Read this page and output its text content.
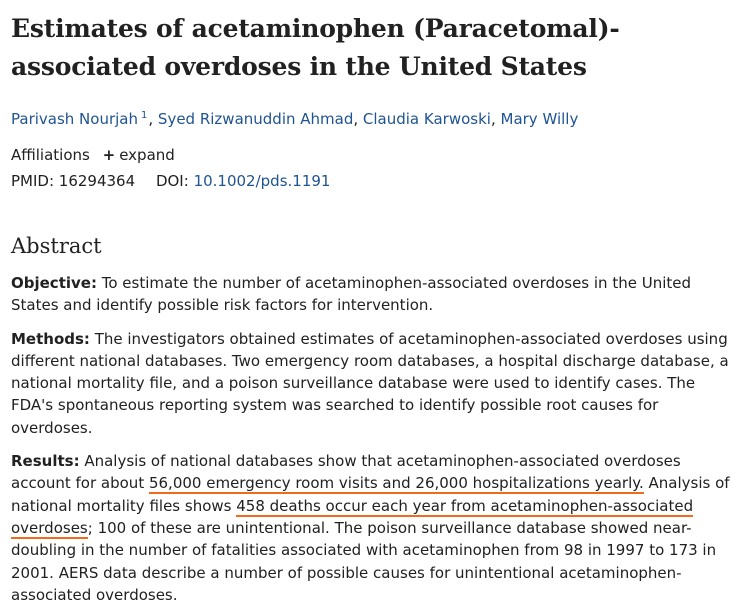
Estimates of acetaminophen (Paracetomal)-
associated overdoses in the United States
Parivash Nourjah $^1$, Syed Rizwanuddin Ahmad, Claudia Karwoski, Mary Willy
Affiliations + expand
PMID: 16294364 DOI: 10.1002/pds.1191
Abstract

Objective: To estimate the number of acetaminophen-associated overdoses in the United States and identify possible risk factors for intervention.

Methods: The investigators obtained estimates of acetaminophen-associated overdoses using different national databases. Two emergency room databases, a hospital discharge database, a national mortality file, and a poison surveillance database were used to identify cases. The FDA's spontaneous reporting system was searched to identify possible root causes for overdoses.

Results: Analysis of national databases show that acetaminophen-associated overdoses account for about 56,000 emergency room visits and 26,000 hospitalizations yearly. Analysis of national mortality files shows 458 deaths occur each year from acetaminophen-associated overdoses; 100 of these are unintentional. The poison surveillance database showed near-doubling in the number of fatalities associated with acetaminophen from 98 in 1997 to 173 in 2001. AERS data describe a number of possible causes for unintentional acetaminophen-associated overdoses.
